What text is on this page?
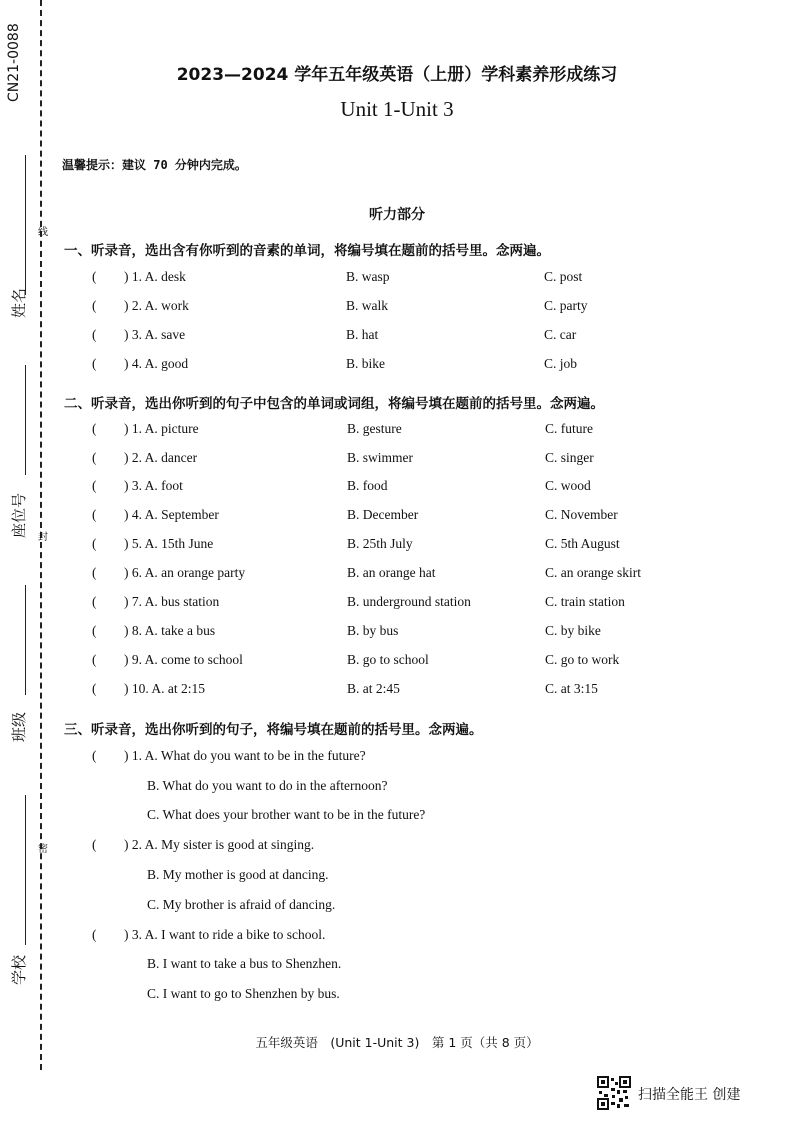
CN21-0088
姓名
线
座位号 封
班级
密
学校
2023—2024 学年五年级英语（上册）学科素养形成练习
Unit 1-Unit 3
温馨提示：建议 70 分钟内完成。
听力部分
一、听录音，选出含有你听到的音素的单词，将编号填在题前的括号里。念两遍。
( ) 1. A. desk	B. wasp	C. post
( ) 2. A. work	B. walk	C. party
( ) 3. A. save	B. hat	C. car
( ) 4. A. good	B. bike	C. job
二、听录音，选出你听到的句子中包含的单词或词组，将编号填在题前的括号里。念两遍。
( ) 1. A. picture	B. gesture	C. future
( ) 2. A. dancer	B. swimmer	C. singer
( ) 3. A. foot	B. food	C. wood
( ) 4. A. September	B. December	C. November
( ) 5. A. 15th June	B. 25th July	C. 5th August
( ) 6. A. an orange party	B. an orange hat	C. an orange skirt
( ) 7. A. bus station	B. underground station	C. train station
( ) 8. A. take a bus	B. by bus	C. by bike
( ) 9. A. come to school	B. go to school	C. go to work
( ) 10. A. at 2:15	B. at 2:45	C. at 3:15
三、听录音，选出你听到的句子，将编号填在题前的括号里。念两遍。
( ) 1. A. What do you want to be in the future?
B. What do you want to do in the afternoon?
C. What does your brother want to be in the future?
( ) 2. A. My sister is good at singing.
B. My mother is good at dancing.
C. My brother is afraid of dancing.
( ) 3. A. I want to ride a bike to school.
B. I want to take a bus to Shenzhen.
C. I want to go to Shenzhen by bus.
五年级英语　(Unit 1-Unit 3)　第 1 页（共 8 页）
扫描全能王 创建
